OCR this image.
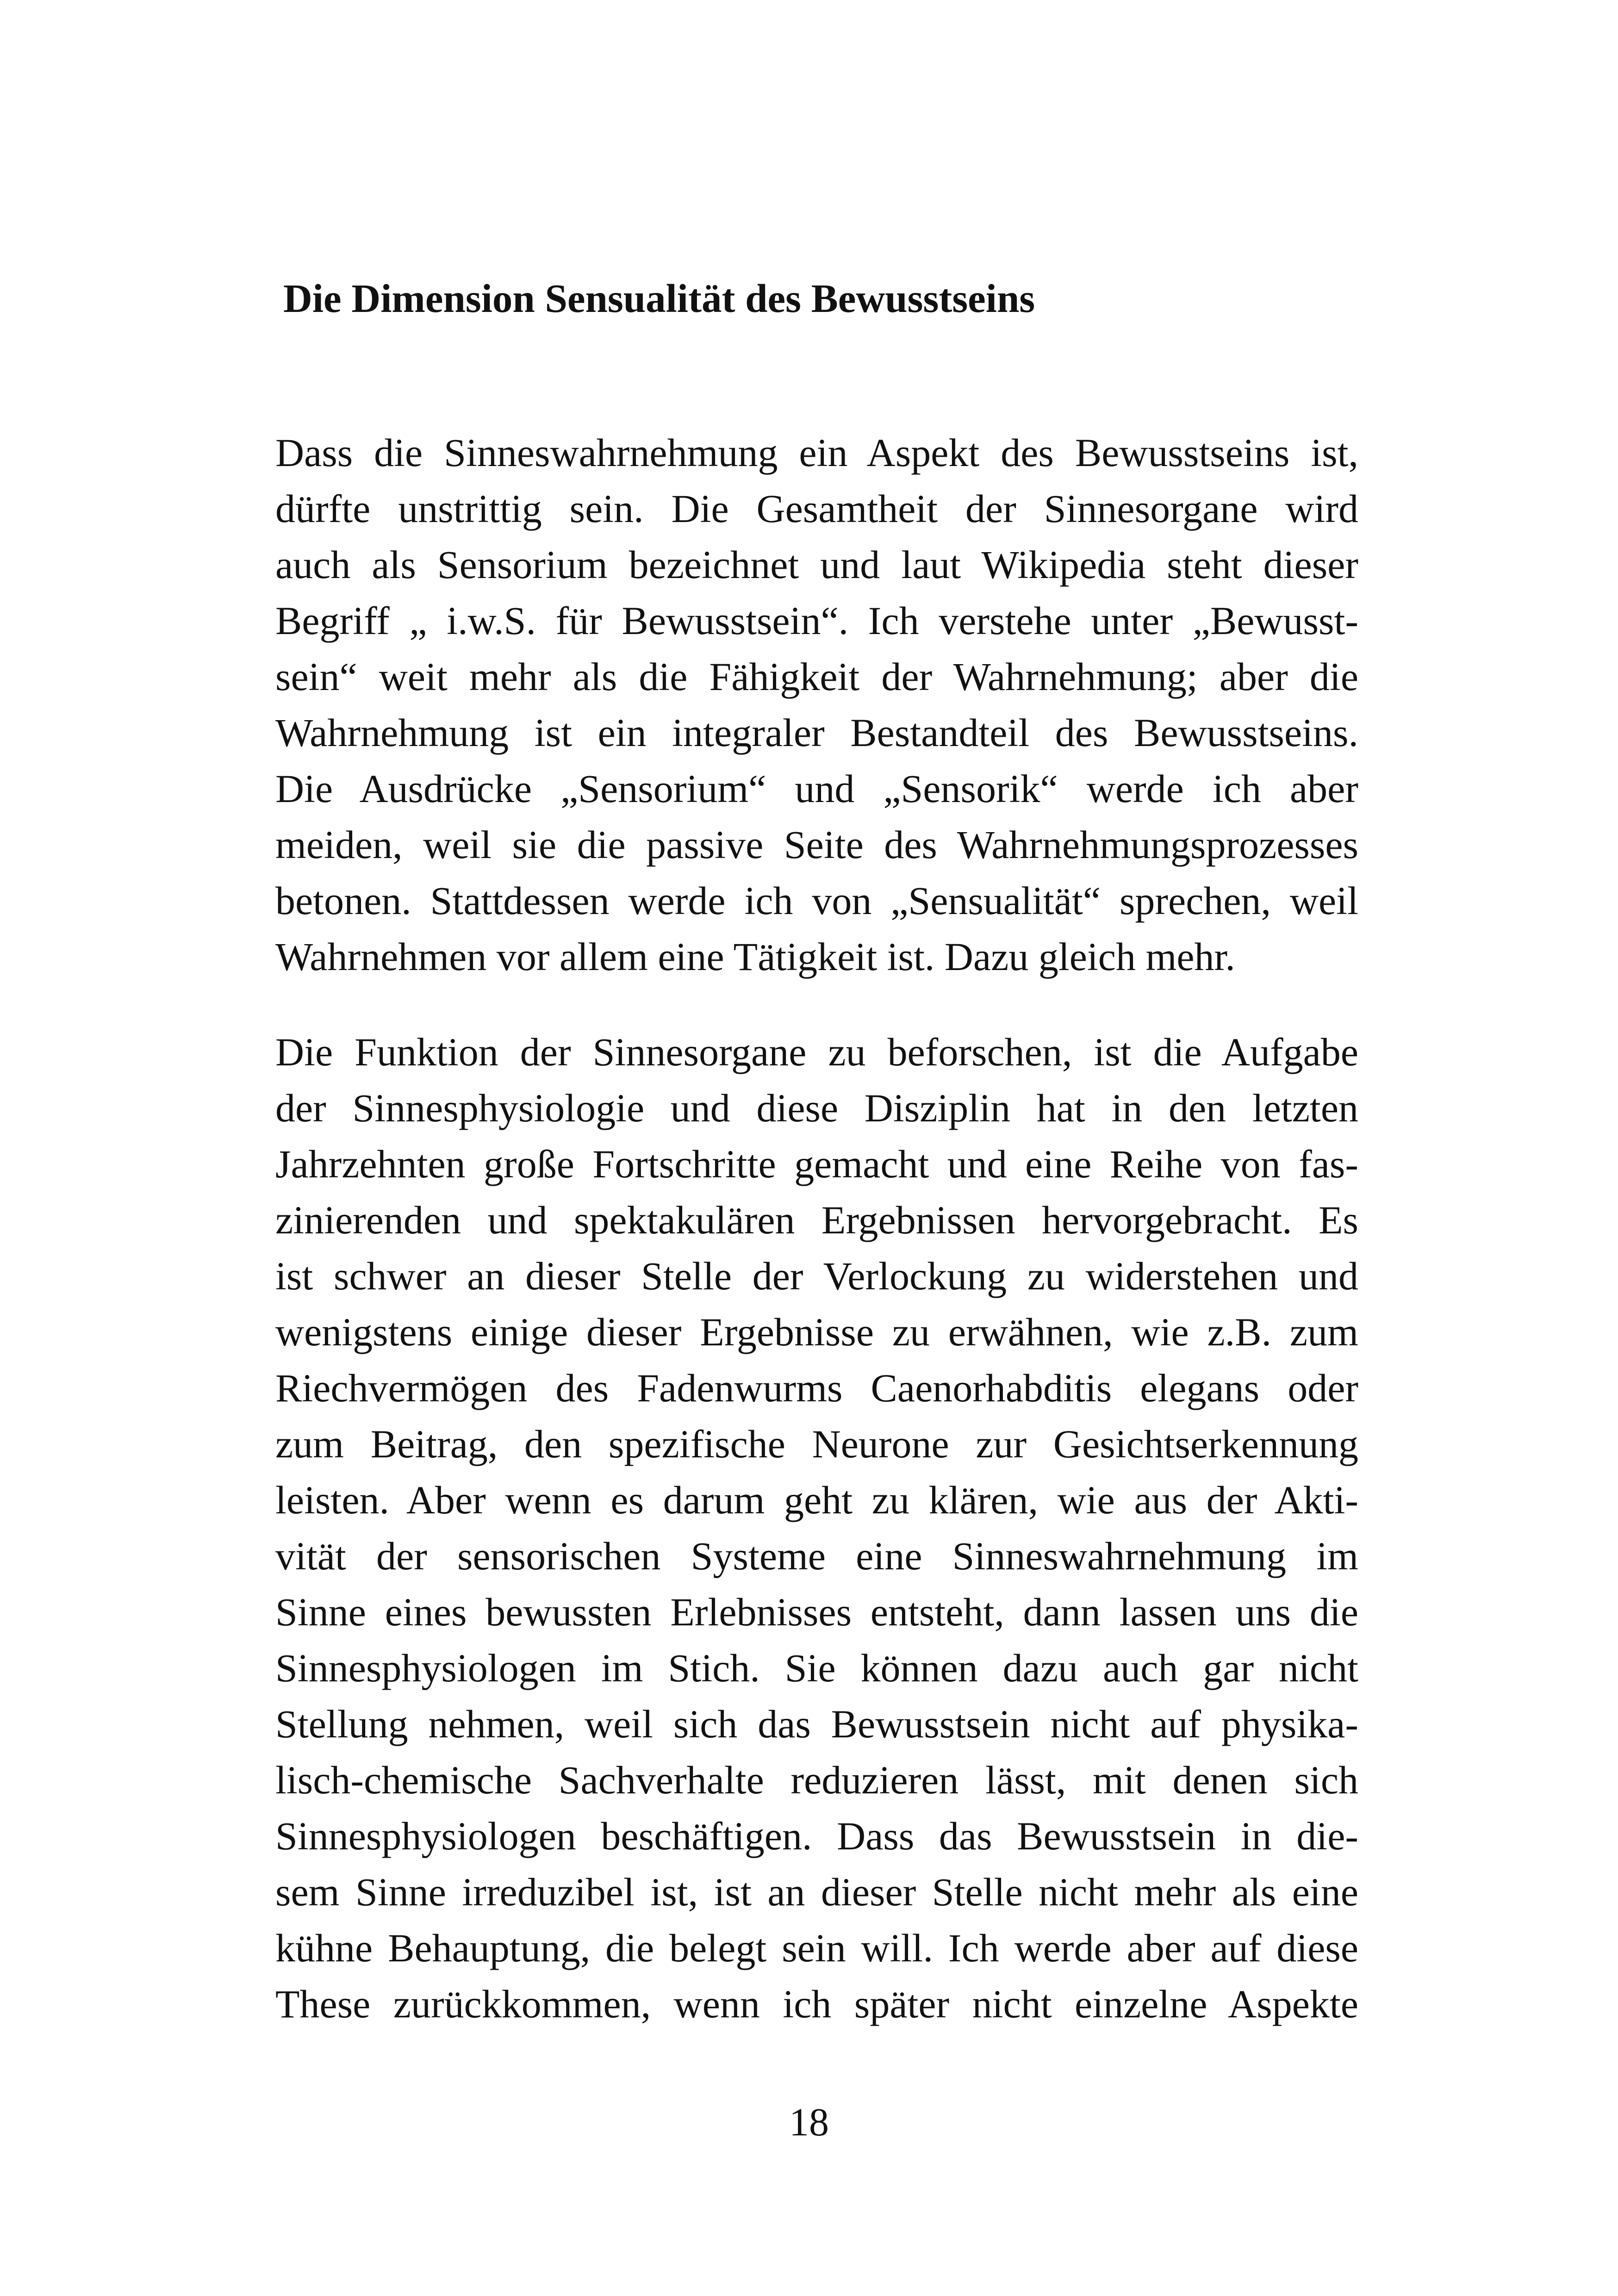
Die Dimension Sensualität des Bewusstseins
Dass die Sinneswahrnehmung ein Aspekt des Bewusstseins ist,
dürfte unstrittig sein. Die Gesamtheit der Sinnesorgane wird
auch als Sensorium bezeichnet und laut Wikipedia steht dieser
Begriff „ i.w.S. für Bewusstsein“. Ich verstehe unter „Bewusst-
sein“ weit mehr als die Fähigkeit der Wahrnehmung; aber die
Wahrnehmung ist ein integraler Bestandteil des Bewusstseins.
Die Ausdrücke „Sensorium“ und „Sensorik“ werde ich aber
meiden, weil sie die passive Seite des Wahrnehmungsprozesses
betonen. Stattdessen werde ich von „Sensualität“ sprechen, weil
Wahrnehmen vor allem eine Tätigkeit ist. Dazu gleich mehr.
Die Funktion der Sinnesorgane zu beforschen, ist die Aufgabe
der Sinnesphysiologie und diese Disziplin hat in den letzten
Jahrzehnten große Fortschritte gemacht und eine Reihe von fas-
zinierenden und spektakulären Ergebnissen hervorgebracht. Es
ist schwer an dieser Stelle der Verlockung zu widerstehen und
wenigstens einige dieser Ergebnisse zu erwähnen, wie z.B. zum
Riechvermögen des Fadenwurms Caenorhabditis elegans oder
zum Beitrag, den spezifische Neurone zur Gesichtserkennung
leisten. Aber wenn es darum geht zu klären, wie aus der Akti-
vität der sensorischen Systeme eine Sinneswahrnehmung im
Sinne eines bewussten Erlebnisses entsteht, dann lassen uns die
Sinnesphysiologen im Stich. Sie können dazu auch gar nicht
Stellung nehmen, weil sich das Bewusstsein nicht auf physika-
lisch-chemische Sachverhalte reduzieren lässt, mit denen sich
Sinnesphysiologen beschäftigen. Dass das Bewusstsein in die-
sem Sinne irreduzibel ist, ist an dieser Stelle nicht mehr als eine
kühne Behauptung, die belegt sein will. Ich werde aber auf diese
These zurückkommen, wenn ich später nicht einzelne Aspekte
18
